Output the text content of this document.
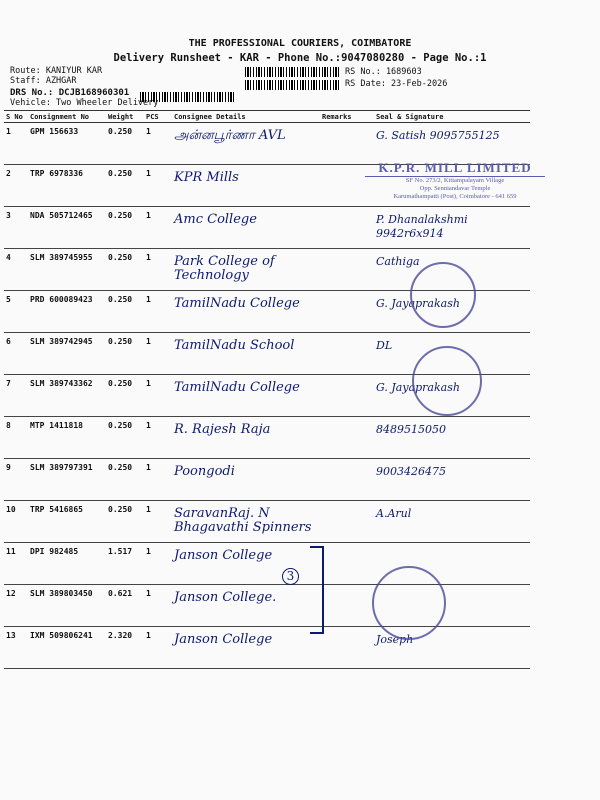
THE PROFESSIONAL COURIERS, COIMBATORE
Delivery Runsheet - KAR - Phone No.:9047080280 - Page No.:1
Route: KANIYUR KAR
Staff: AZHGAR
DRS No.: DCJB168960301
Vehicle: Two Wheeler Delivery
RS No.: 1689603
RS Date: 23-Feb-2026
S No	Consignment No	Weight	PCS	Consignee Details	Remarks	Seal & Signature
1	GPM 156633	0.250	1	அன்னபூர்ணா AVL		G. Satish 9095755125
2	TRP 6978336	0.250	1	KPR Mills		
3	NDA 505712465	0.250	1	Amc College		P. Dhanalakshmi 9942r6x914
4	SLM 389745955	0.250	1	Park College of Technology		Cathiga
5	PRD 600089423	0.250	1	TamilNadu College		G. Jayaprakash
6	SLM 389742945	0.250	1	TamilNadu School		DL
7	SLM 389743362	0.250	1	TamilNadu College		G. Jayaprakash
8	MTP 1411818	0.250	1	R. Rajesh Raja		8489515050
9	SLM 389797391	0.250	1	Poongodi		9003426475
10	TRP 5416865	0.250	1	SaravanRaj. N Bhagavathi Spinners		A.Arul
11	DPI 982485	1.517	1	Janson College		
12	SLM 389803450	0.621	1	Janson College.		
13	IXM 509806241	2.320	1	Janson College		Joseph
K.P.R. MILL LIMITED
SF No. 273/2, Kittampalayam Village
Opp. Senniandavar Temple
Karumathampatti (Post), Coimbatore - 641 659
3
